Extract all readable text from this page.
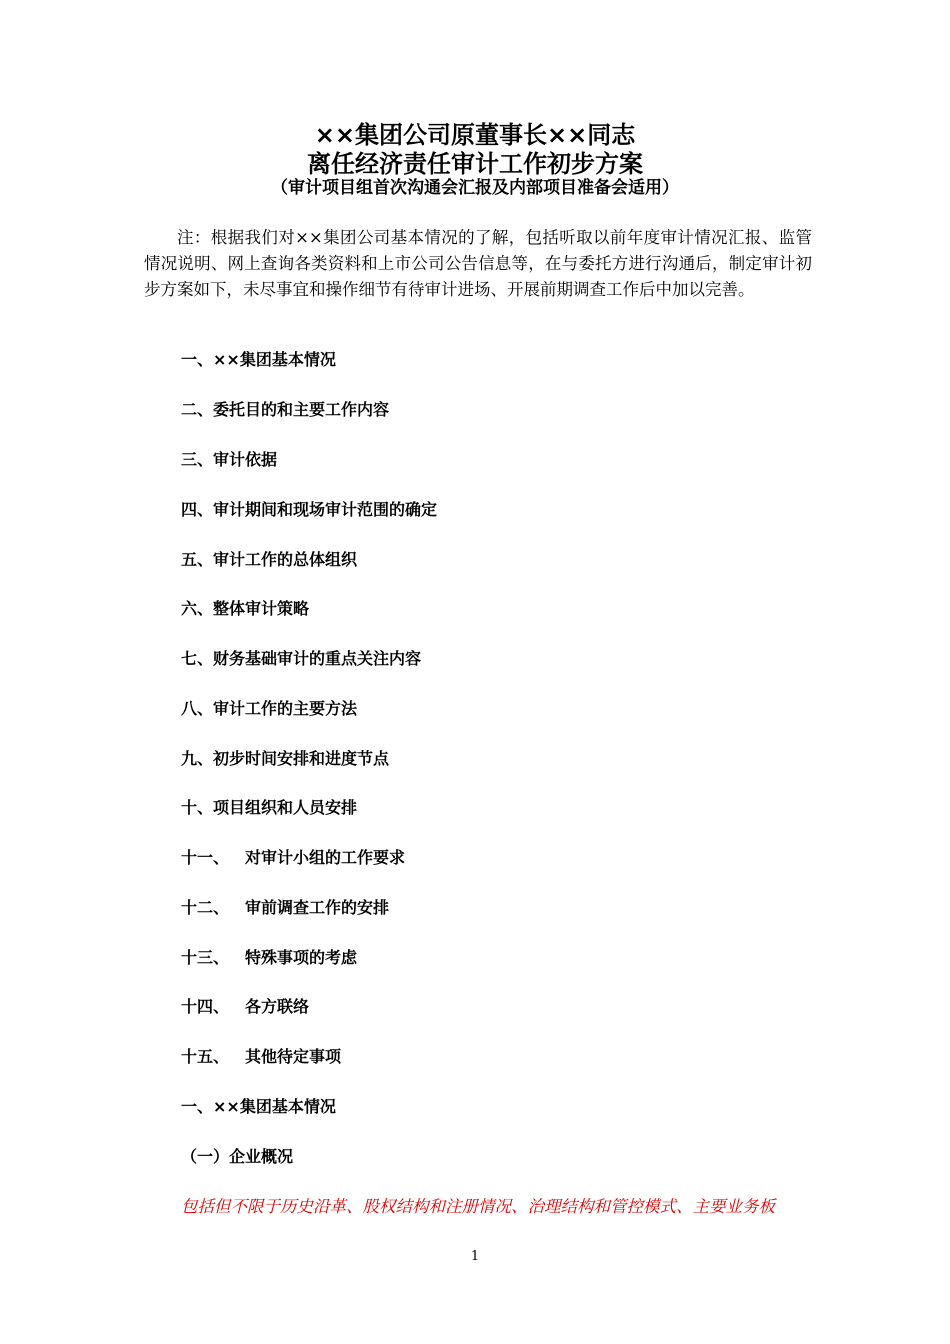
××集团公司原董事长××同志
离任经济责任审计工作初步方案
（审计项目组首次沟通会汇报及内部项目准备会适用）
注：根据我们对××集团公司基本情况的了解，包括听取以前年度审计情况汇报、监管情况说明、网上查询各类资料和上市公司公告信息等，在与委托方进行沟通后，制定审计初步方案如下，未尽事宜和操作细节有待审计进场、开展前期调查工作后中加以完善。
一、××集团基本情况
二、委托目的和主要工作内容
三、审计依据
四、审计期间和现场审计范围的确定
五、审计工作的总体组织
六、整体审计策略
七、财务基础审计的重点关注内容
八、审计工作的主要方法
九、初步时间安排和进度节点
十、项目组织和人员安排
十一、 对审计小组的工作要求
十二、 审前调查工作的安排
十三、 特殊事项的考虑
十四、 各方联络
十五、 其他待定事项
一、××集团基本情况
（一）企业概况
包括但不限于历史沿革、股权结构和注册情况、治理结构和管控模式、主要业务板
1
